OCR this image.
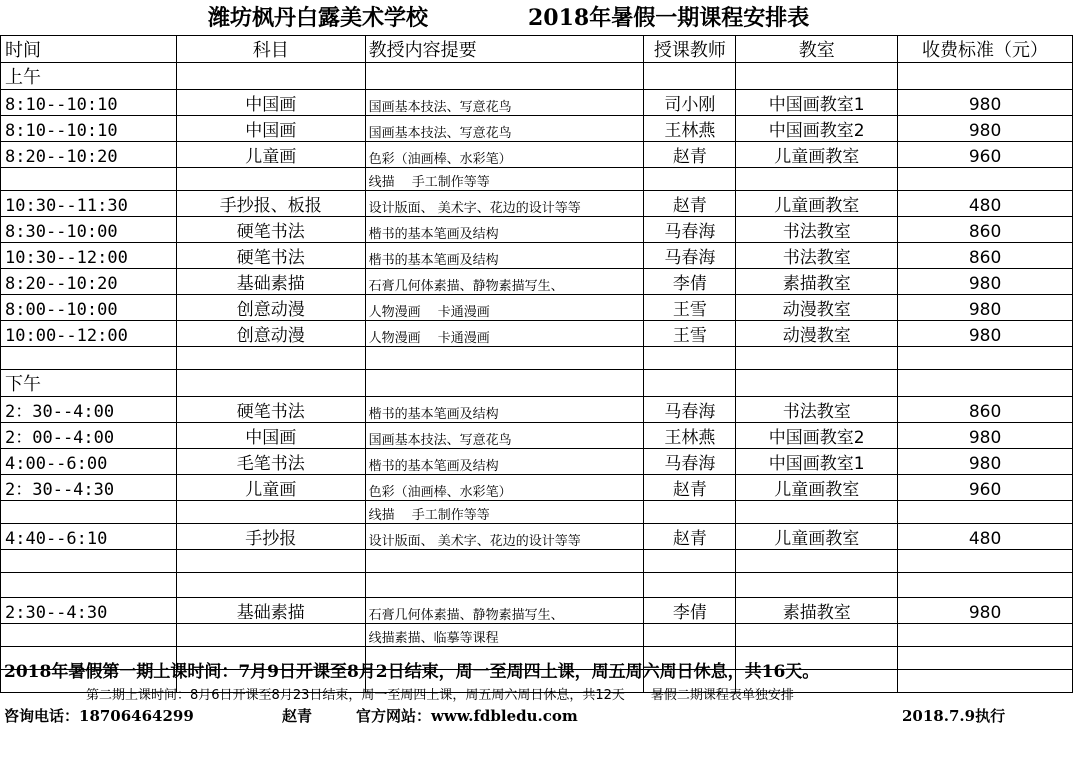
潍坊枫丹白露美术学校	2018年暑假一期课程安排表
时间	科目	教授内容提要	授课教师	教室	收费标准（元）
上午					
8:10--10:10	中国画	国画基本技法、写意花鸟	司小刚	中国画教室1	980
8:10--10:10	中国画	国画基本技法、写意花鸟	王林燕	中国画教室2	980
8:20--10:20	儿童画	色彩（油画棒、水彩笔）	赵青	儿童画教室	960
		线描　 手工制作等等			
10:30--11:30	手抄报、板报	设计版面、 美术字、花边的设计等等	赵青	儿童画教室	480
8:30--10:00	硬笔书法	楷书的基本笔画及结构	马春海	书法教室	860
10:30--12:00	硬笔书法	楷书的基本笔画及结构	马春海	书法教室	860
8:20--10:20	基础素描	石膏几何体素描、静物素描写生、	李倩	素描教室	980
8:00--10:00	创意动漫	人物漫画　 卡通漫画	王雪	动漫教室	980
10:00--12:00	创意动漫	人物漫画　 卡通漫画	王雪	动漫教室	980

下午					
2：30--4:00	硬笔书法	楷书的基本笔画及结构	马春海	书法教室	860
2：00--4:00	中国画	国画基本技法、写意花鸟	王林燕	中国画教室2	980
4:00--6:00	毛笔书法	楷书的基本笔画及结构	马春海	中国画教室1	980
2：30--4:30	儿童画	色彩（油画棒、水彩笔）	赵青	儿童画教室	960
		线描　 手工制作等等			
4:40--6:10	手抄报	设计版面、 美术字、花边的设计等等	赵青	儿童画教室	480

2:30--4:30	基础素描	石膏几何体素描、静物素描写生、	李倩	素描教室	980
		线描素描、临摹等课程			

2018年暑假第一期上课时间：7月9日开课至8月2日结束，周一至周四上课，周五周六周日休息，共16天。
第二期上课时间：8月6日开课至8月23日结束，周一至周四上课，周五周六周日休息，共12天　　暑假二期课程表单独安排
咨询电话：18706464299	赵青	官方网站：www.fdbledu.com	2018.7.9执行
